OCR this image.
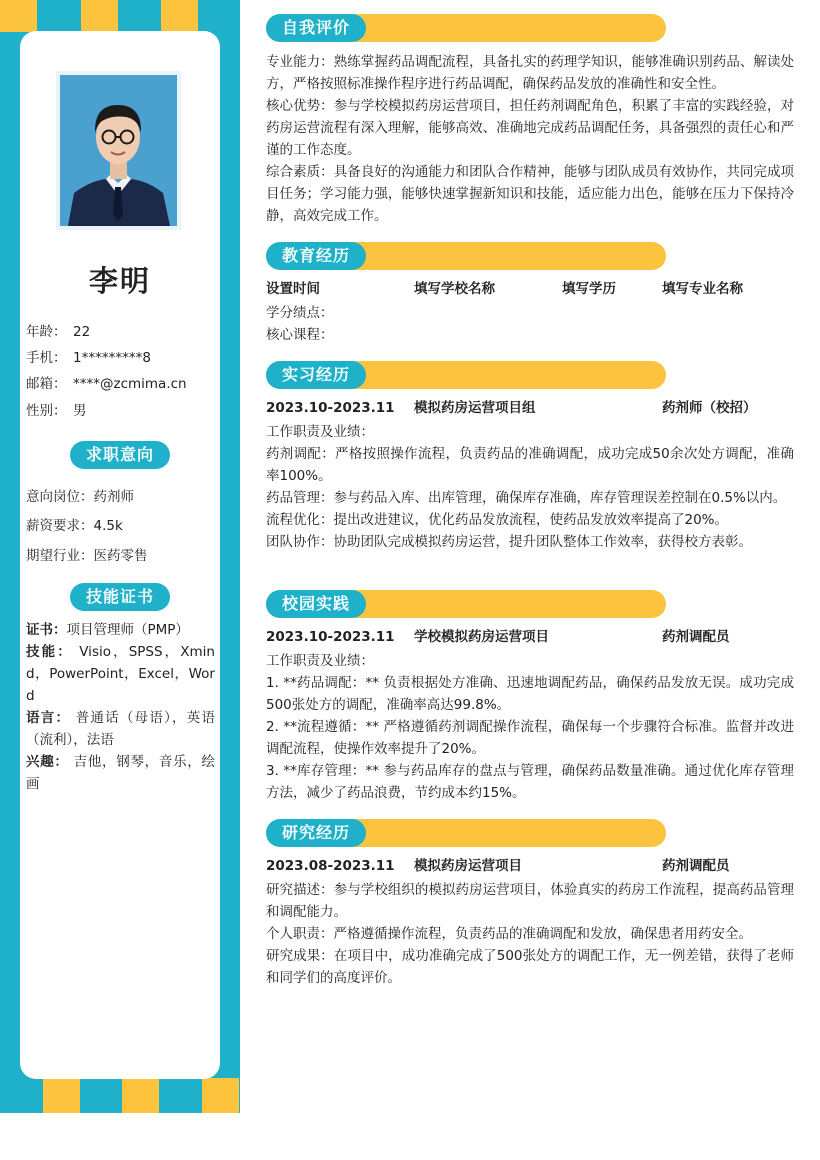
李明
年龄： 22
手机： 1*********8
邮箱： ****@zcmima.cn
性别： 男
求职意向
意向岗位：药剂师
薪资要求：4.5k
期望行业：医药零售
技能证书
证书：项目管理师（PMP）
技能： Visio，SPSS，Xmind，PowerPoint，Excel，Word
语言： 普通话（母语），英语（流利），法语
兴趣： 吉他，钢琴，音乐，绘画
自我评价
专业能力：熟练掌握药品调配流程，具备扎实的药理学知识，能够准确识别药品、解读处方，严格按照标准操作程序进行药品调配，确保药品发放的准确性和安全性。
核心优势：参与学校模拟药房运营项目，担任药剂调配角色，积累了丰富的实践经验，对药房运营流程有深入理解，能够高效、准确地完成药品调配任务，具备强烈的责任心和严谨的工作态度。
综合素质：具备良好的沟通能力和团队合作精神，能够与团队成员有效协作，共同完成项目任务；学习能力强，能够快速掌握新知识和技能，适应能力出色，能够在压力下保持冷静，高效完成工作。
教育经历
设置时间	填写学校名称	填写学历	填写专业名称
学分绩点：
核心课程：
实习经历
2023.10-2023.11 模拟药房运营项目组	药剂师（校招）
工作职责及业绩：
药剂调配：严格按照操作流程，负责药品的准确调配，成功完成50余次处方调配，准确率100%。
药品管理：参与药品入库、出库管理，确保库存准确，库存管理误差控制在0.5%以内。
流程优化：提出改进建议，优化药品发放流程，使药品发放效率提高了20%。
团队协作：协助团队完成模拟药房运营，提升团队整体工作效率，获得校方表彰。
校园实践
2023.10-2023.11 学校模拟药房运营项目	药剂调配员
工作职责及业绩：
1. **药品调配：** 负责根据处方准确、迅速地调配药品，确保药品发放无误。成功完成500张处方的调配，准确率高达99.8%。
2. **流程遵循：** 严格遵循药剂调配操作流程，确保每一个步骤符合标准。监督并改进调配流程，使操作效率提升了20%。
3. **库存管理：** 参与药品库存的盘点与管理，确保药品数量准确。通过优化库存管理方法，减少了药品浪费，节约成本约15%。
研究经历
2023.08-2023.11 模拟药房运营项目	药剂调配员
研究描述：参与学校组织的模拟药房运营项目，体验真实的药房工作流程，提高药品管理和调配能力。
个人职责：严格遵循操作流程，负责药品的准确调配和发放，确保患者用药安全。
研究成果：在项目中，成功准确完成了500张处方的调配工作，无一例差错，获得了老师和同学们的高度评价。
